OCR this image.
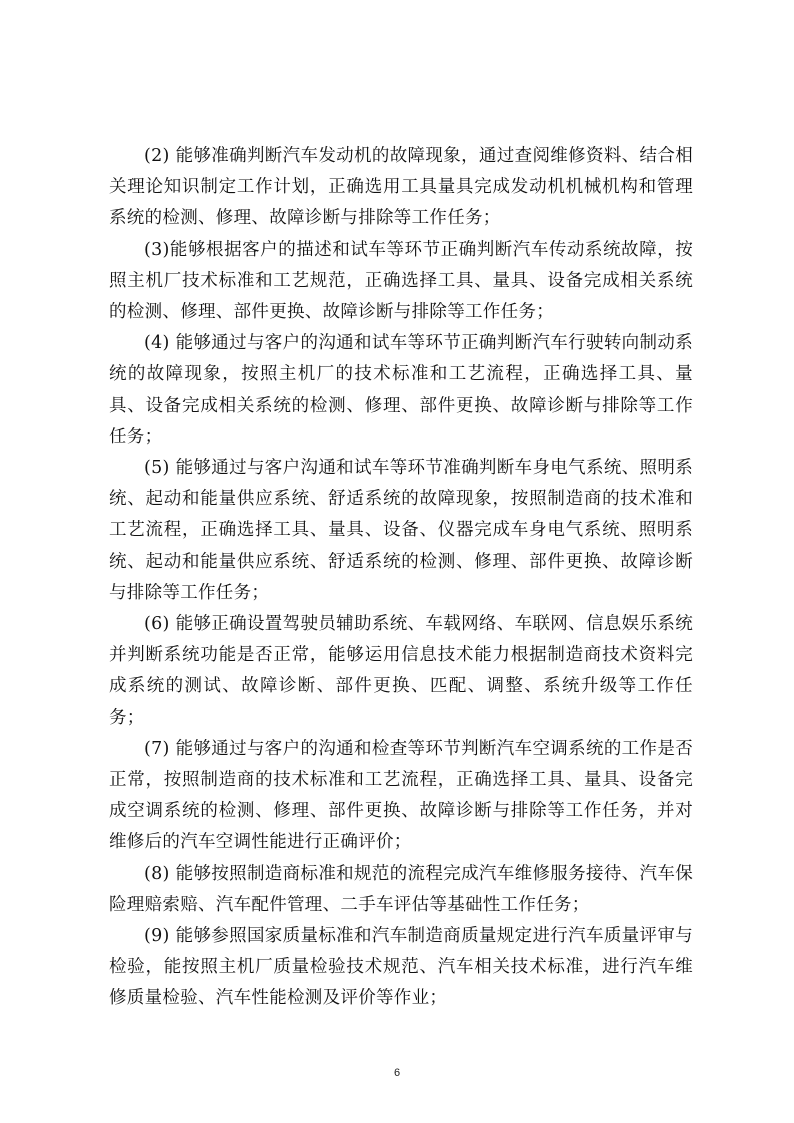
(2) 能够准确判断汽车发动机的故障现象，通过查阅维修资料、结合相关理论知识制定工作计划，正确选用工具量具完成发动机机械机构和管理系统的检测、修理、故障诊断与排除等工作任务；

(3)能够根据客户的描述和试车等环节正确判断汽车传动系统故障，按照主机厂技术标准和工艺规范，正确选择工具、量具、设备完成相关系统的检测、修理、部件更换、故障诊断与排除等工作任务；

(4) 能够通过与客户的沟通和试车等环节正确判断汽车行驶转向制动系统的故障现象，按照主机厂的技术标准和工艺流程，正确选择工具、量具、设备完成相关系统的检测、修理、部件更换、故障诊断与排除等工作任务；

(5) 能够通过与客户沟通和试车等环节准确判断车身电气系统、照明系统、起动和能量供应系统、舒适系统的故障现象，按照制造商的技术准和工艺流程，正确选择工具、量具、设备、仪器完成车身电气系统、照明系统、起动和能量供应系统、舒适系统的检测、修理、部件更换、故障诊断与排除等工作任务；

(6) 能够正确设置驾驶员辅助系统、车载网络、车联网、信息娱乐系统并判断系统功能是否正常，能够运用信息技术能力根据制造商技术资料完成系统的测试、故障诊断、部件更换、匹配、调整、系统升级等工作任务；

(7) 能够通过与客户的沟通和检查等环节判断汽车空调系统的工作是否正常，按照制造商的技术标准和工艺流程，正确选择工具、量具、设备完成空调系统的检测、修理、部件更换、故障诊断与排除等工作任务，并对维修后的汽车空调性能进行正确评价；

(8) 能够按照制造商标准和规范的流程完成汽车维修服务接待、汽车保险理赔索赔、汽车配件管理、二手车评估等基础性工作任务；

(9) 能够参照国家质量标准和汽车制造商质量规定进行汽车质量评审与检验，能按照主机厂质量检验技术规范、汽车相关技术标准，进行汽车维修质量检验、汽车性能检测及评价等作业；

6
